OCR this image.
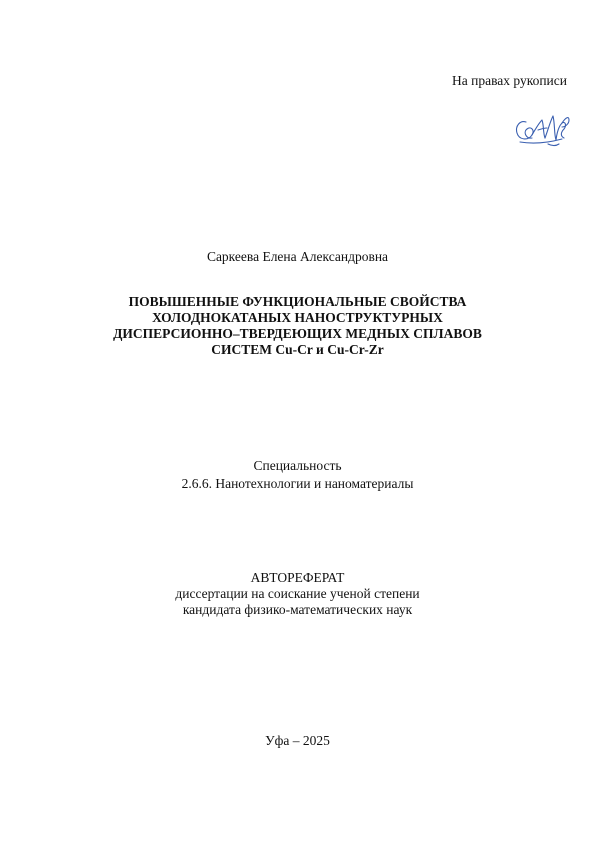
На правах рукописи
Саркеева Елена Александровна
ПОВЫШЕННЫЕ ФУНКЦИОНАЛЬНЫЕ СВОЙСТВА
ХОЛОДНОКАТАНЫХ НАНОСТРУКТУРНЫХ
ДИСПЕРСИОННО–ТВЕРДЕЮЩИХ МЕДНЫХ СПЛАВОВ
СИСТЕМ Cu-Cr и Cu-Cr-Zr
Специальность
2.6.6. Нанотехнологии и наноматериалы
АВТОРЕФЕРАТ
диссертации на соискание ученой степени
кандидата физико-математических наук
Уфа – 2025
